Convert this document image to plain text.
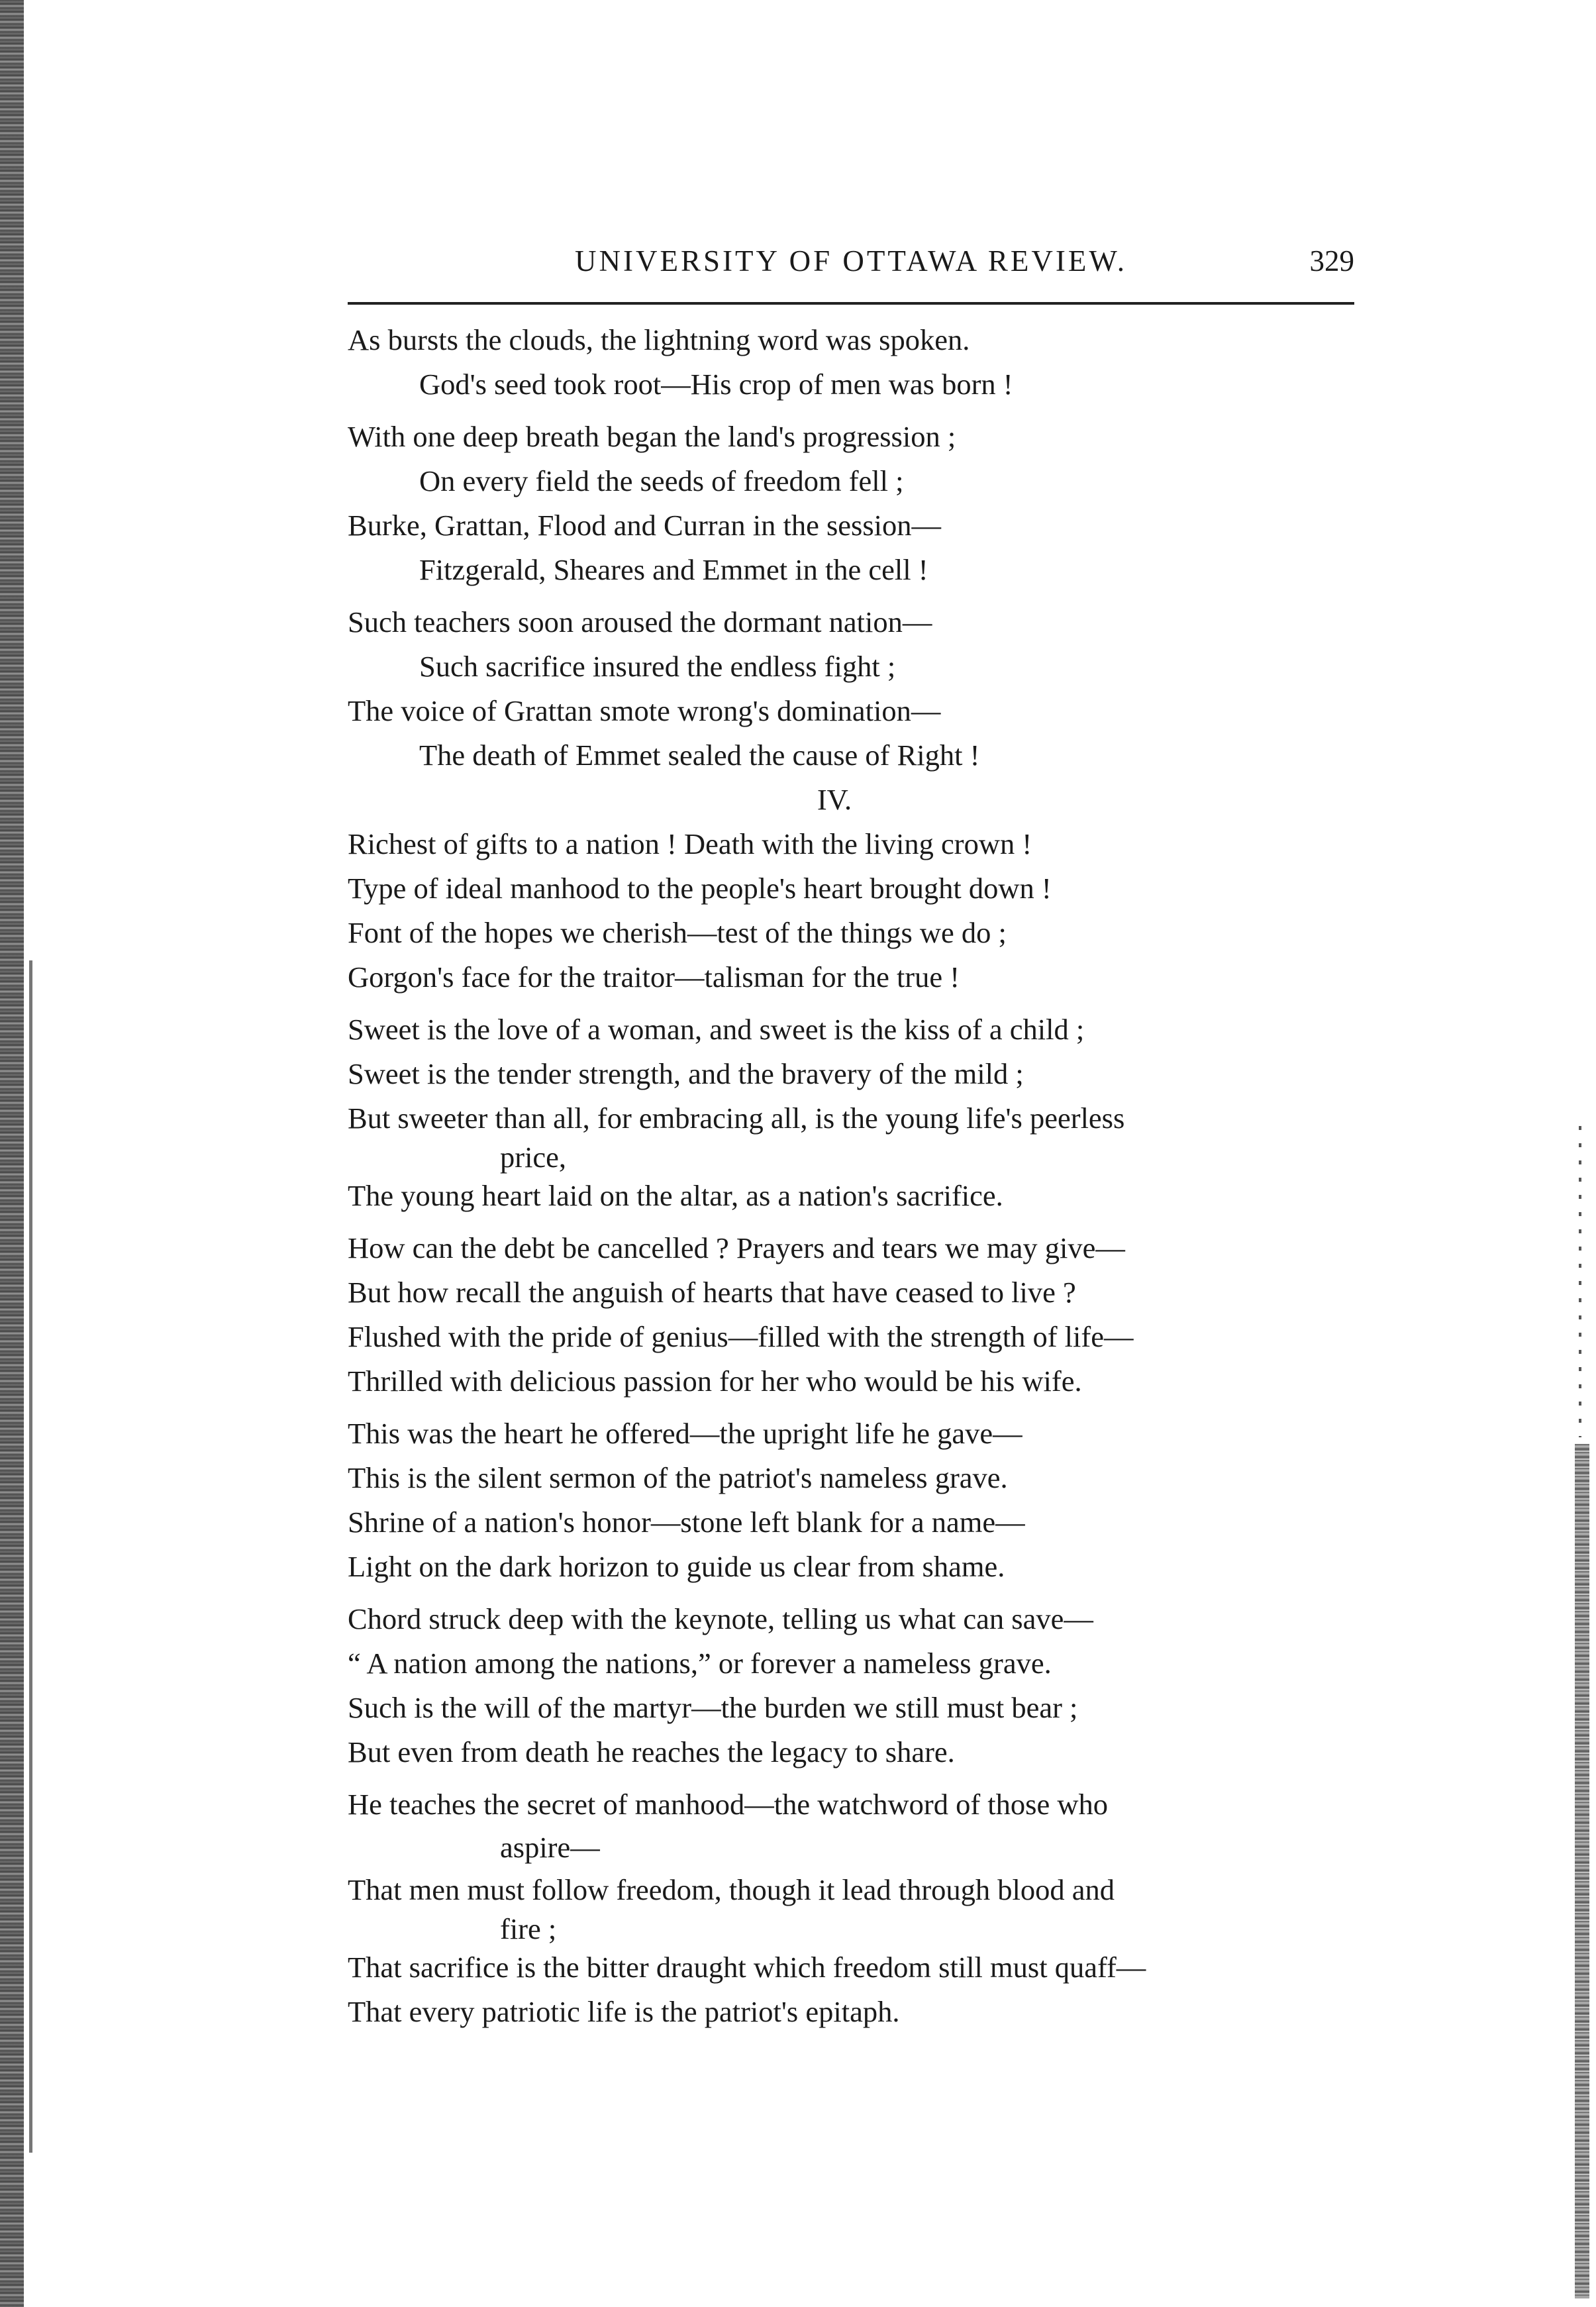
UNIVERSITY OF OTTAWA REVIEW.	329
As bursts the clouds, the lightning word was spoken.
God's seed took root—His crop of men was born !
With one deep breath began the land's progression ;
On every field the seeds of freedom fell ;
Burke, Grattan, Flood and Curran in the session—
Fitzgerald, Sheares and Emmet in the cell !
Such teachers soon aroused the dormant nation—
Such sacrifice insured the endless fight ;
The voice of Grattan smote wrong's domination—
The death of Emmet sealed the cause of Right !
IV.
Richest of gifts to a nation ! Death with the living crown !
Type of ideal manhood to the people's heart brought down !
Font of the hopes we cherish—test of the things we do ;
Gorgon's face for the traitor—talisman for the true !
Sweet is the love of a woman, and sweet is the kiss of a child ;
Sweet is the tender strength, and the bravery of the mild ;
But sweeter than all, for embracing all, is the young life's peerless
price,
The young heart laid on the altar, as a nation's sacrifice.
How can the debt be cancelled ? Prayers and tears we may give—
But how recall the anguish of hearts that have ceased to live ?
Flushed with the pride of genius—filled with the strength of life—
Thrilled with delicious passion for her who would be his wife.
This was the heart he offered—the upright life he gave—
This is the silent sermon of the patriot's nameless grave.
Shrine of a nation's honor—stone left blank for a name—
Light on the dark horizon to guide us clear from shame.
Chord struck deep with the keynote, telling us what can save—
“ A nation among the nations,” or forever a nameless grave.
Such is the will of the martyr—the burden we still must bear ;
But even from death he reaches the legacy to share.
He teaches the secret of manhood—the watchword of those who
aspire—
That men must follow freedom, though it lead through blood and
fire ;
That sacrifice is the bitter draught which freedom still must quaff—
That every patriotic life is the patriot's epitaph.
